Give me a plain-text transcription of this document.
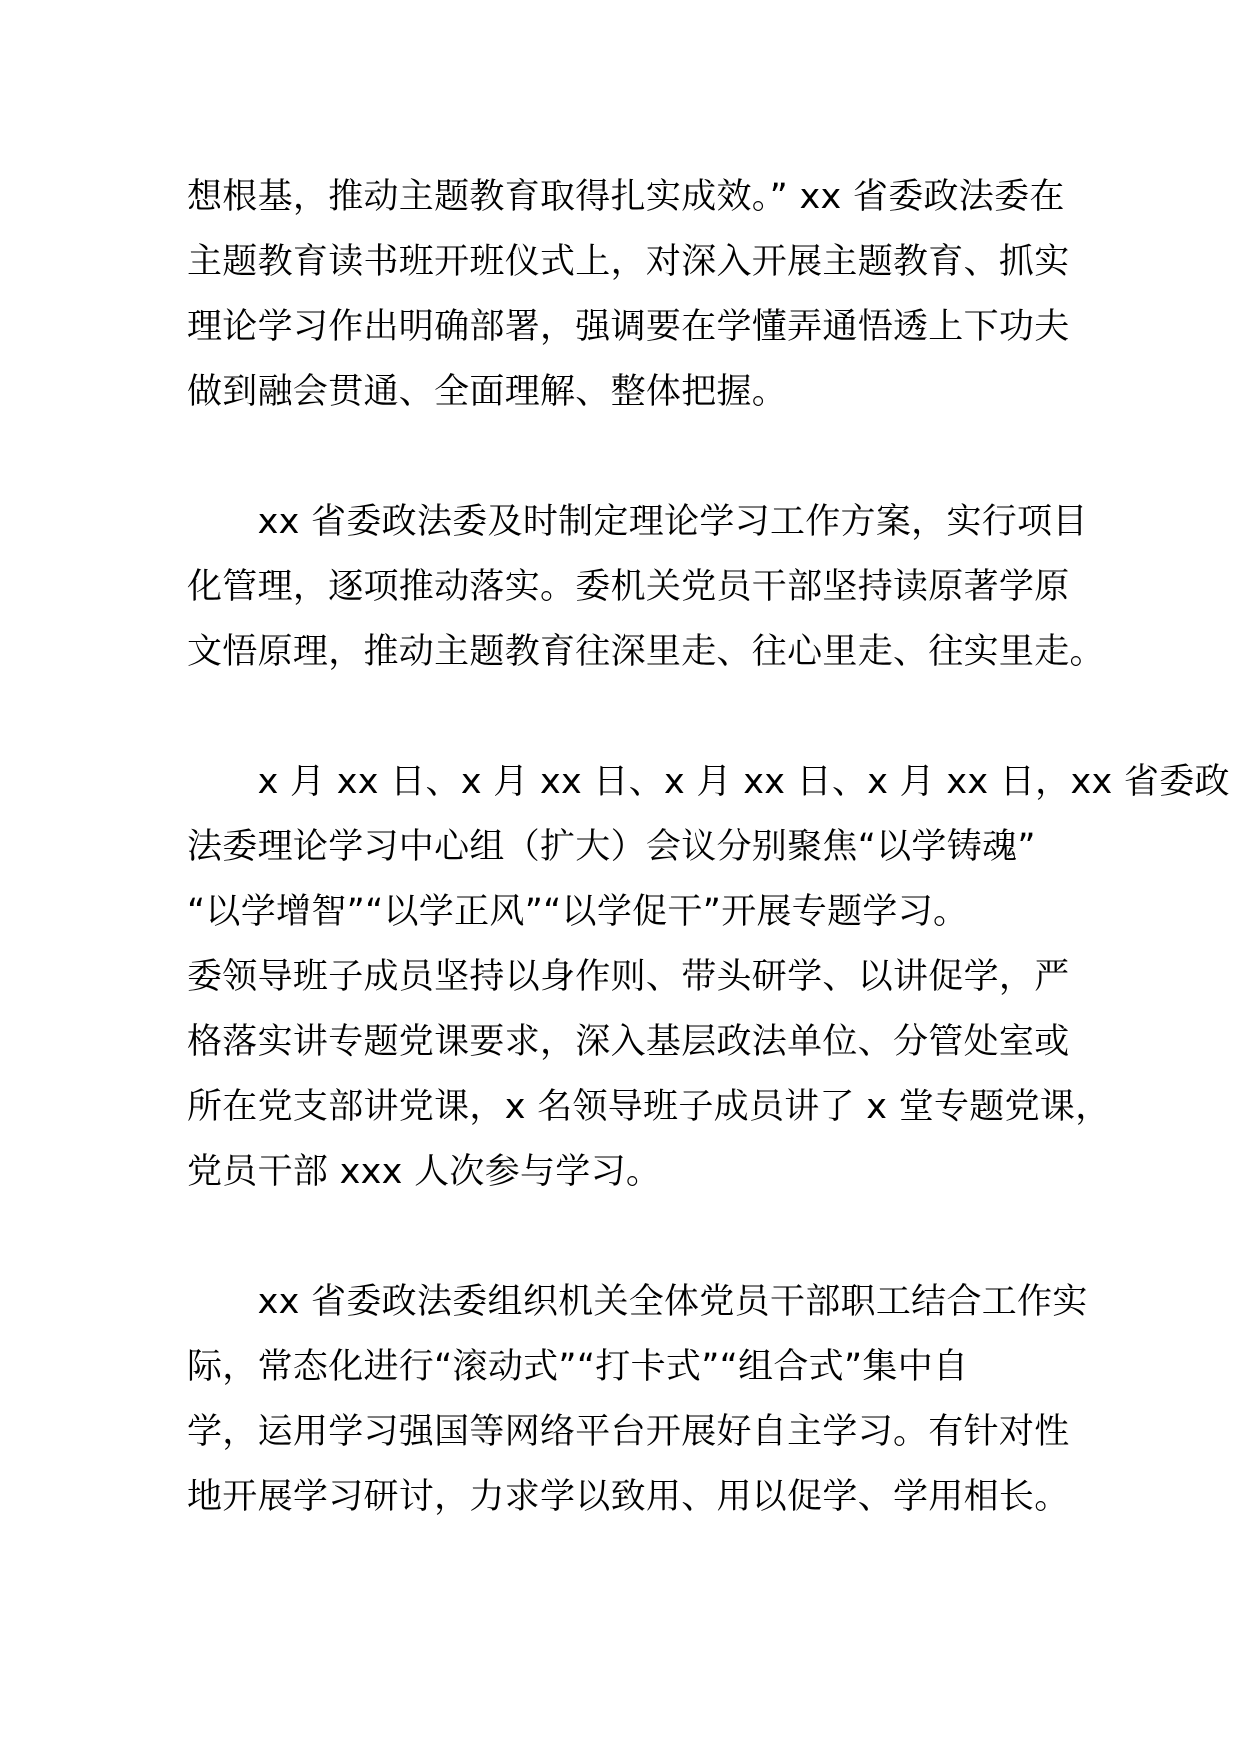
想根基，推动主题教育取得扎实成效。” xx 省委政法委在
主题教育读书班开班仪式上，对深入开展主题教育、抓实
理论学习作出明确部署，强调要在学懂弄通悟透上下功夫
做到融会贯通、全面理解、整体把握。
　　xx 省委政法委及时制定理论学习工作方案，实行项目
化管理，逐项推动落实。委机关党员干部坚持读原著学原
文悟原理，推动主题教育往深里走、往心里走、往实里走。
　　x 月 xx 日、x 月 xx 日、x 月 xx 日、x 月 xx 日，xx 省委政
法委理论学习中心组（扩大）会议分别聚焦“以学铸魂”
“以学增智”“以学正风”“以学促干”开展专题学习。
委领导班子成员坚持以身作则、带头研学、以讲促学，严
格落实讲专题党课要求，深入基层政法单位、分管处室或
所在党支部讲党课，x 名领导班子成员讲了 x 堂专题党课，
党员干部 xxx 人次参与学习。
　　xx 省委政法委组织机关全体党员干部职工结合工作实
际，常态化进行“滚动式”“打卡式”“组合式”集中自
学，运用学习强国等网络平台开展好自主学习。有针对性
地开展学习研讨，力求学以致用、用以促学、学用相长。
